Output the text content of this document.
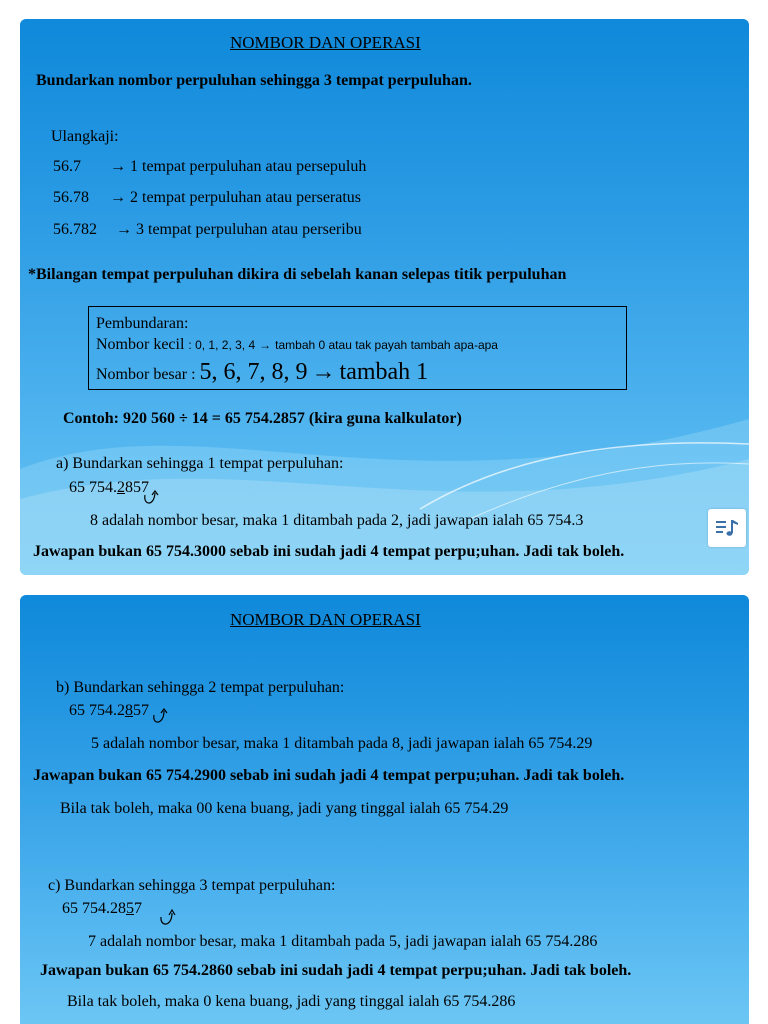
NOMBOR DAN OPERASI
Bundarkan nombor perpuluhan sehingga 3 tempat perpuluhan.
Ulangkaji:
56.7 → 1 tempat perpuluhan atau persepuluh
56.78 → 2 tempat perpuluhan atau perseratus
56.782 → 3 tempat perpuluhan atau perseribu
*Bilangan tempat perpuluhan dikira di sebelah kanan selepas titik perpuluhan
Pembundaran:
Nombor kecil : 0, 1, 2, 3, 4 → tambah 0 atau tak payah tambah apa-apa
Nombor besar : 5, 6, 7, 8, 9 → tambah 1
Contoh: 920 560 ÷ 14 = 65 754.2857 (kira guna kalkulator)
a) Bundarkan sehingga 1 tempat perpuluhan:
65 754.2857
8 adalah nombor besar, maka 1 ditambah pada 2, jadi jawapan ialah 65 754.3
Jawapan bukan 65 754.3000 sebab ini sudah jadi 4 tempat perpu;uhan. Jadi tak boleh.
NOMBOR DAN OPERASI
b) Bundarkan sehingga 2 tempat perpuluhan:
65 754.2857
5 adalah nombor besar, maka 1 ditambah pada 8, jadi jawapan ialah 65 754.29
Jawapan bukan 65 754.2900 sebab ini sudah jadi 4 tempat perpu;uhan. Jadi tak boleh.
Bila tak boleh, maka 00 kena buang, jadi yang tinggal ialah 65 754.29
c) Bundarkan sehingga 3 tempat perpuluhan:
65 754.2857
7 adalah nombor besar, maka 1 ditambah pada 5, jadi jawapan ialah 65 754.286
Jawapan bukan 65 754.2860 sebab ini sudah jadi 4 tempat perpu;uhan. Jadi tak boleh.
Bila tak boleh, maka 0 kena buang, jadi yang tinggal ialah 65 754.286
